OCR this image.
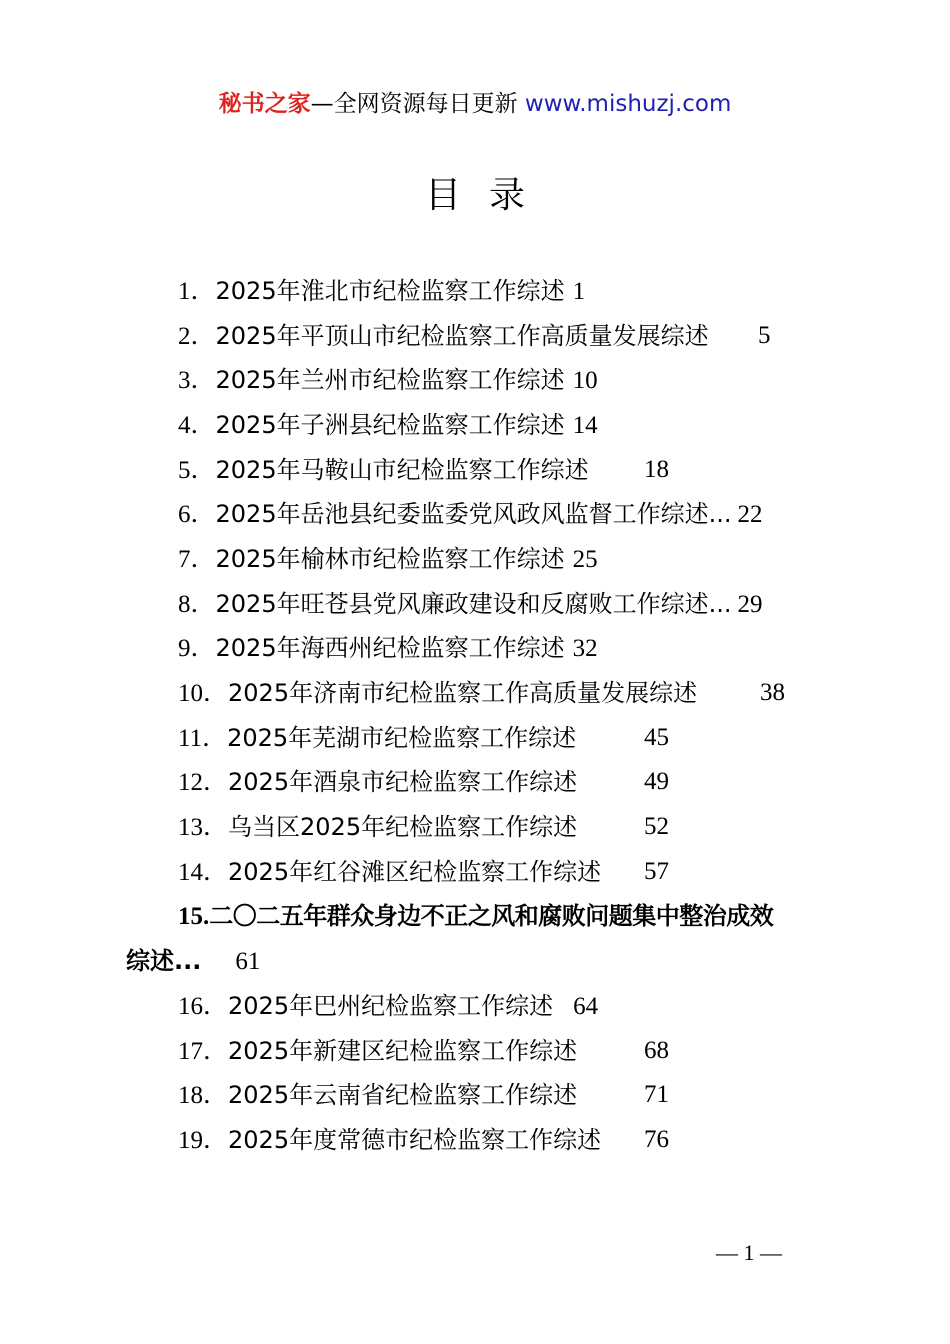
秘书之家—全网资源每日更新 www.mishuzj.com
目录
1．2025年淮北市纪检监察工作综述 1
2．2025年平顶山市纪检监察工作高质量发展综述 5
3．2025年兰州市纪检监察工作综述 10
4．2025年子洲县纪检监察工作综述 14
5．2025年马鞍山市纪检监察工作综述 18
6．2025年岳池县纪委监委党风政风监督工作综述... 22
7．2025年榆林市纪检监察工作综述 25
8．2025年旺苍县党风廉政建设和反腐败工作综述... 29
9．2025年海西州纪检监察工作综述 32
10．2025年济南市纪检监察工作高质量发展综述	38
11．2025年芜湖市纪检监察工作综述	45
12．2025年酒泉市纪检监察工作综述	49
13．乌当区2025年纪检监察工作综述	52
14．2025年红谷滩区纪检监察工作综述 57
15.二〇二五年群众身边不正之风和腐败问题集中整治成效
综述... 61
16．2025年巴州纪检监察工作综述 64
17．2025年新建区纪检监察工作综述	68
18．2025年云南省纪检监察工作综述	71
19．2025年度常德市纪检监察工作综述 76
— 1 —
